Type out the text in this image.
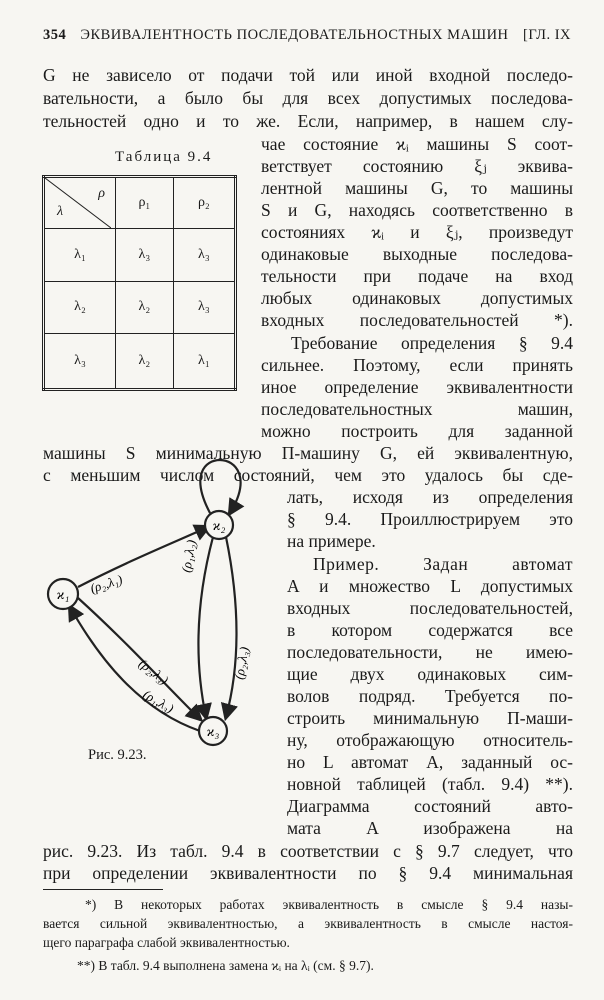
354 ЭКВИВАЛЕНТНОСТЬ ПОСЛЕДОВАТЕЛЬНОСТНЫХ МАШИН [ГЛ. IX
G не зависело от подачи той или иной входной последо-
вательности, а было бы для всех допустимых последова-
тельностей одно и то же. Если, например, в нашем слу-
Таблица 9.4
ρ
λ	ρ₁	ρ₂
λ₁	λ₃	λ₃
λ₂	λ₂	λ₃
λ₃	λ₂	λ₁
чае состояние ϰᵢ машины S соот-
ветствует состоянию ξⱼ эквива-
лентной машины G, то машины
S и G, находясь соответственно в
состояниях ϰᵢ и ξⱼ, произведут
одинаковые выходные последова-
тельности при подаче на вход
любых одинаковых допустимых
входных последовательностей *).
Требование определения § 9.4
сильнее. Поэтому, если принять
иное определение эквивалентности
последовательностных машин,
можно построить для заданной
машины S минимальную П-машину G, ей эквивалентную,
с меньшим числом состояний, чем это удалось бы сде-
лать, исходя из определения
§ 9.4. Проиллюстрируем это
на примере.
Пример. Задан автомат
A и множество L допустимых
входных последовательностей,
в котором содержатся все
последовательности, не имею-
щие двух одинаковых сим-
волов подряд. Требуется по-
строить минимальную П-маши-
ну, отображающую относитель-
но L автомат A, заданный ос-
новной таблицей (табл. 9.4) **).
Диаграмма состояний авто-
мата A изображена на
ϰ₁
ϰ₂
ϰ₃
(ρ₂,λ₁)
(ρ₁,λ₂)
(ρ₂,λ₃)
(ρ₂,λ₃)
(ρ₁,λ₃)
Рис. 9.23.
рис. 9.23. Из табл. 9.4 в соответствии с § 9.7 следует, что
при определении эквивалентности по § 9.4 минимальная
*) В некоторых работах эквивалентность в смысле § 9.4 назы-
вается сильной эквивалентностью, а эквивалентность в смысле настоя-
щего параграфа слабой эквивалентностью.
**) В табл. 9.4 выполнена замена ϰᵢ на λᵢ (см. § 9.7).
